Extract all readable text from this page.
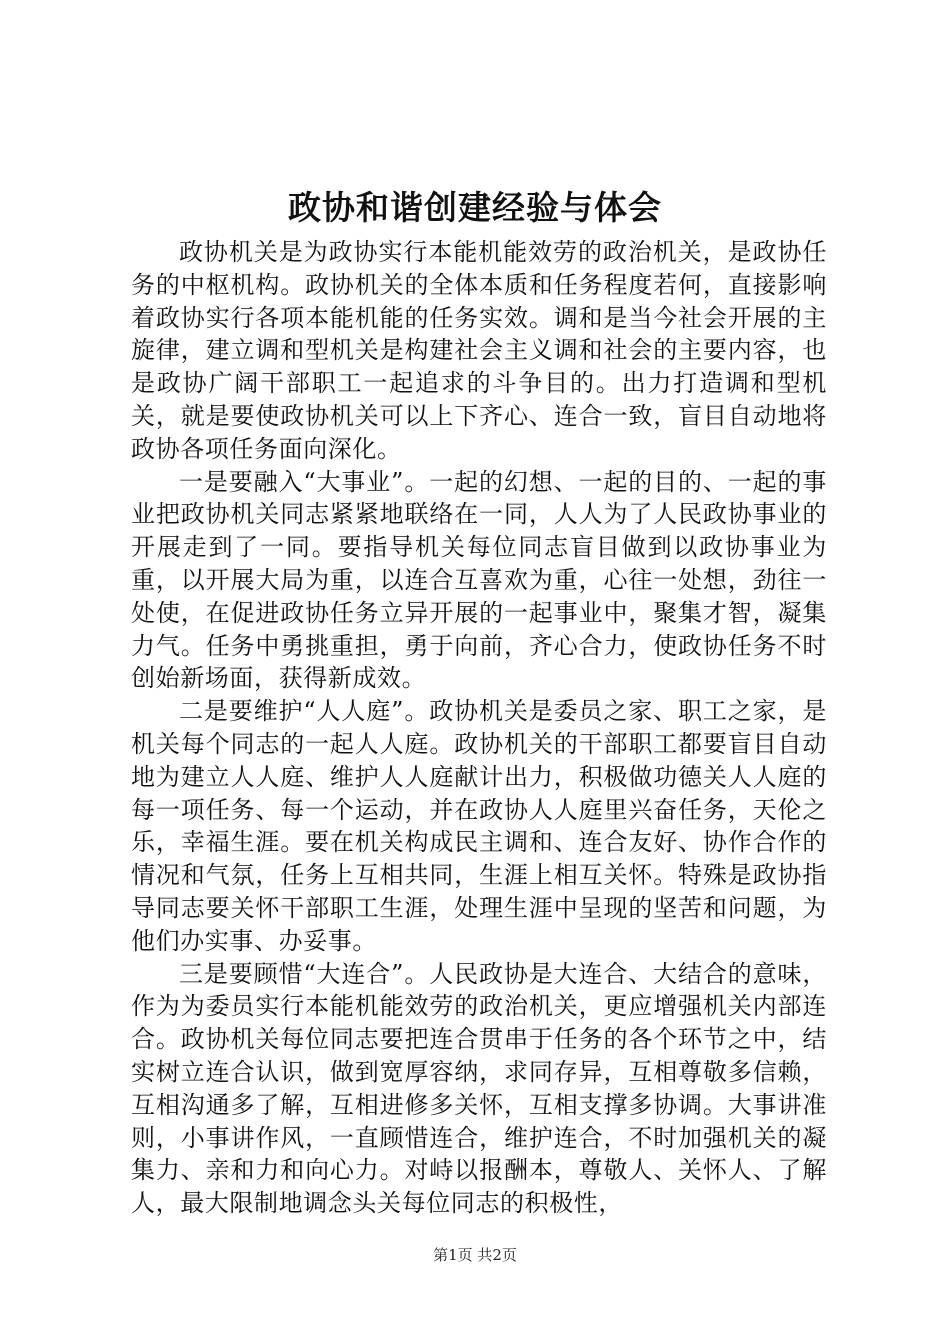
政协和谐创建经验与体会

政协机关是为政协实行本能机能效劳的政治机关，是政协任务的中枢机构。政协机关的全体本质和任务程度若何，直接影响着政协实行各项本能机能的任务实效。调和是当今社会开展的主旋律，建立调和型机关是构建社会主义调和社会的主要内容，也是政协广阔干部职工一起追求的斗争目的。出力打造调和型机关，就是要使政协机关可以上下齐心、连合一致，盲目自动地将政协各项任务面向深化。

一是要融入“大事业”。一起的幻想、一起的目的、一起的事业把政协机关同志紧紧地联络在一同，人人为了人民政协事业的开展走到了一同。要指导机关每位同志盲目做到以政协事业为重，以开展大局为重，以连合互喜欢为重，心往一处想，劲往一处使，在促进政协任务立异开展的一起事业中，聚集才智，凝集力气。任务中勇挑重担，勇于向前，齐心合力，使政协任务不时创始新场面，获得新成效。

二是要维护“人人庭”。政协机关是委员之家、职工之家，是机关每个同志的一起人人庭。政协机关的干部职工都要盲目自动地为建立人人庭、维护人人庭献计出力，积极做功德关人人庭的每一项任务、每一个运动，并在政协人人庭里兴奋任务，天伦之乐，幸福生涯。要在机关构成民主调和、连合友好、协作合作的情况和气氛，任务上互相共同，生涯上相互关怀。特殊是政协指导同志要关怀干部职工生涯，处理生涯中呈现的坚苦和问题，为他们办实事、办妥事。

三是要顾惜“大连合”。人民政协是大连合、大结合的意味，作为为委员实行本能机能效劳的政治机关，更应增强机关内部连合。政协机关每位同志要把连合贯串于任务的各个环节之中，结实树立连合认识，做到宽厚容纳，求同存异，互相尊敬多信赖，互相沟通多了解，互相进修多关怀，互相支撑多协调。大事讲准则，小事讲作风，一直顾惜连合，维护连合，不时加强机关的凝集力、亲和力和向心力。对峙以报酬本，尊敬人、关怀人、了解人，最大限制地调念头关每位同志的积极性，

第1页 共2页
